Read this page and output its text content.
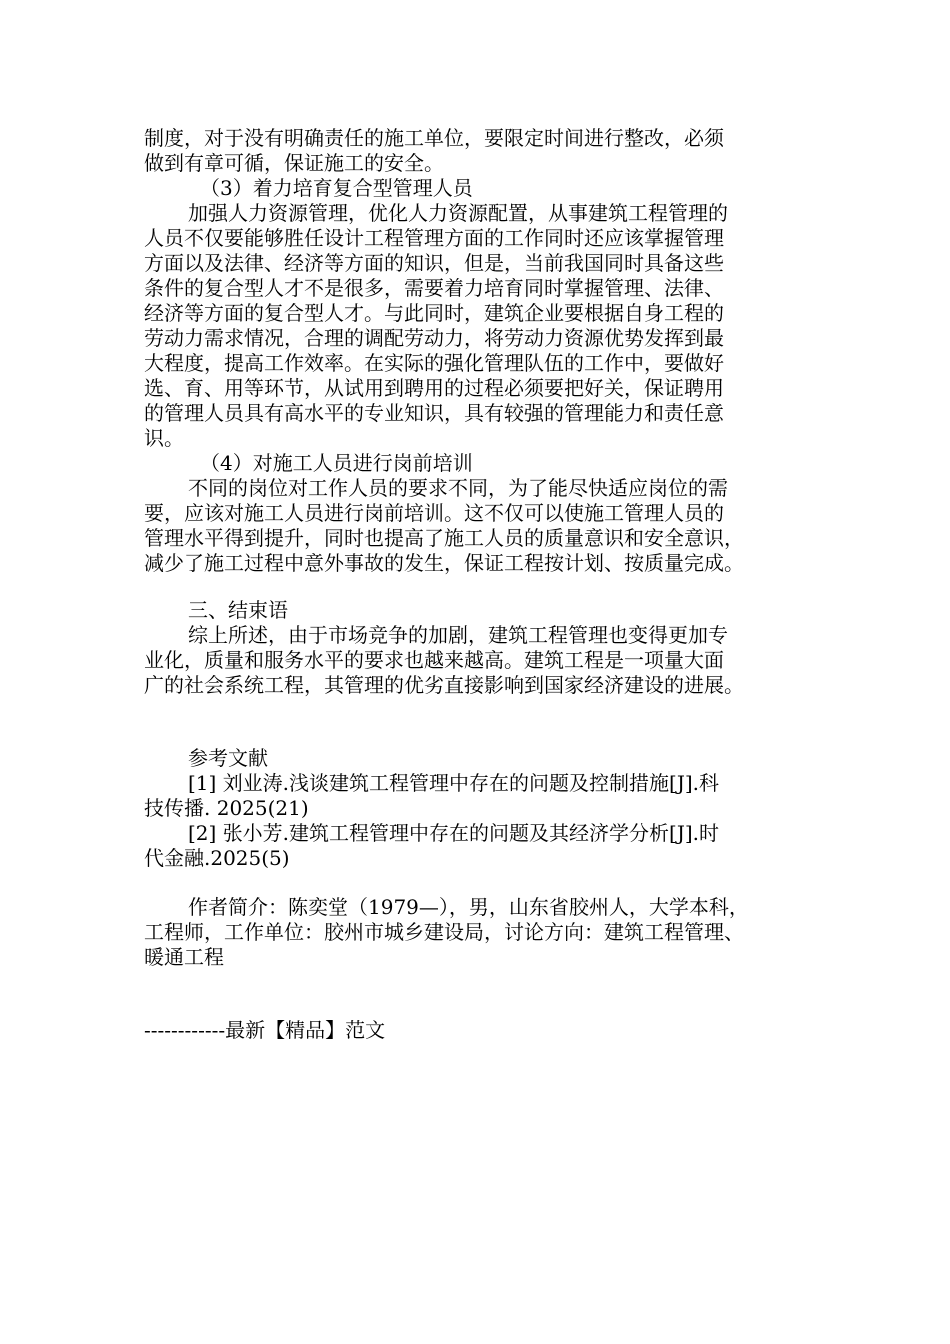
制度，对于没有明确责任的施工单位，要限定时间进行整改，必须
做到有章可循，保证施工的安全。
（3）着力培育复合型管理人员
加强人力资源管理，优化人力资源配置，从事建筑工程管理的
人员不仅要能够胜任设计工程管理方面的工作同时还应该掌握管理
方面以及法律、经济等方面的知识，但是，当前我国同时具备这些
条件的复合型人才不是很多，需要着力培育同时掌握管理、法律、
经济等方面的复合型人才。与此同时，建筑企业要根据自身工程的
劳动力需求情况，合理的调配劳动力，将劳动力资源优势发挥到最
大程度，提高工作效率。在实际的强化管理队伍的工作中，要做好
选、育、用等环节，从试用到聘用的过程必须要把好关，保证聘用
的管理人员具有高水平的专业知识，具有较强的管理能力和责任意
识。
（4）对施工人员进行岗前培训
不同的岗位对工作人员的要求不同，为了能尽快适应岗位的需
要，应该对施工人员进行岗前培训。这不仅可以使施工管理人员的
管理水平得到提升，同时也提高了施工人员的质量意识和安全意识，
减少了施工过程中意外事故的发生，保证工程按计划、按质量完成。
三、结束语
综上所述，由于市场竞争的加剧，建筑工程管理也变得更加专
业化，质量和服务水平的要求也越来越高。建筑工程是一项量大面
广的社会系统工程，其管理的优劣直接影响到国家经济建设的进展。
参考文献
[1] 刘业涛.浅谈建筑工程管理中存在的问题及控制措施[J].科
技传播. 2025(21)
[2] 张小芳.建筑工程管理中存在的问题及其经济学分析[J].时
代金融.2025(5)
作者简介：陈奕堂（1979—），男，山东省胶州人，大学本科，
工程师，工作单位：胶州市城乡建设局，讨论方向：建筑工程管理、
暖通工程
------------最新【精品】范文
